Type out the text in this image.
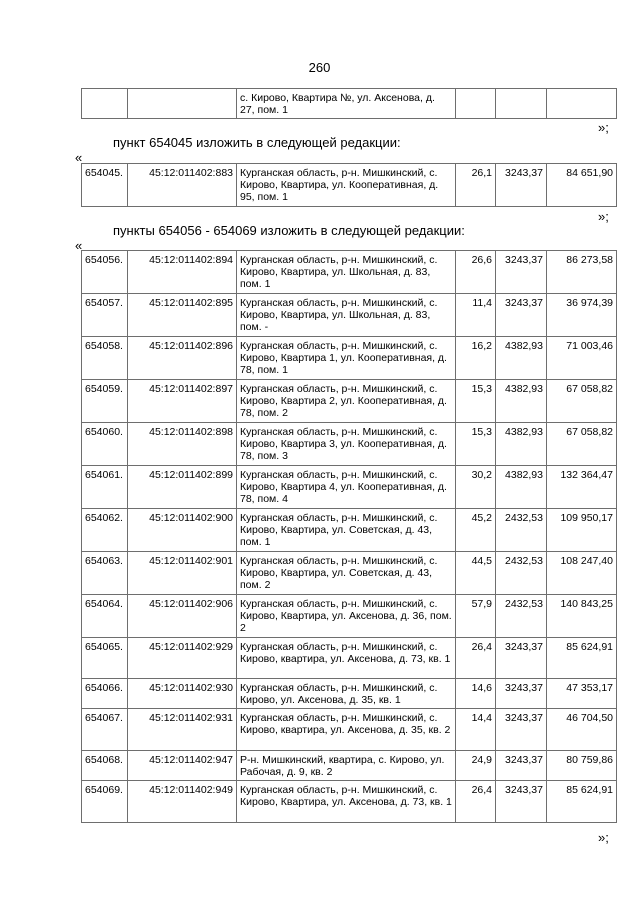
260
		с. Кирово, Квартира №, ул. Аксенова, д. 27, пом. 1			
»;
пункт 654045 изложить в следующей редакции:
«
654045.	45:12:011402:883	Курганская область, р-н. Мишкинский, с. Кирово, Квартира, ул. Кооперативная, д. 95, пом. 1	26,1	3243,37	84 651,90
»;
пункты 654056 - 654069 изложить в следующей редакции:
«
654056.	45:12:011402:894	Курганская область, р-н. Мишкинский, с. Кирово, Квартира, ул. Школьная, д. 83, пом. 1	26,6	3243,37	86 273,58
654057.	45:12:011402:895	Курганская область, р-н. Мишкинский, с. Кирово, Квартира, ул. Школьная, д. 83, пом. -	11,4	3243,37	36 974,39
654058.	45:12:011402:896	Курганская область, р-н. Мишкинский, с. Кирово, Квартира 1, ул. Кооперативная, д. 78, пом. 1	16,2	4382,93	71 003,46
654059.	45:12:011402:897	Курганская область, р-н. Мишкинский, с. Кирово, Квартира 2, ул. Кооперативная, д. 78, пом. 2	15,3	4382,93	67 058,82
654060.	45:12:011402:898	Курганская область, р-н. Мишкинский, с. Кирово, Квартира 3, ул. Кооперативная, д. 78, пом. 3	15,3	4382,93	67 058,82
654061.	45:12:011402:899	Курганская область, р-н. Мишкинский, с. Кирово, Квартира 4, ул. Кооперативная, д. 78, пом. 4	30,2	4382,93	132 364,47
654062.	45:12:011402:900	Курганская область, р-н. Мишкинский, с. Кирово, Квартира, ул. Советская, д. 43, пом. 1	45,2	2432,53	109 950,17
654063.	45:12:011402:901	Курганская область, р-н. Мишкинский, с. Кирово, Квартира, ул. Советская, д. 43, пом. 2	44,5	2432,53	108 247,40
654064.	45:12:011402:906	Курганская область, р-н. Мишкинский, с. Кирово, Квартира, ул. Аксенова, д. 36, пом. 2	57,9	2432,53	140 843,25
654065.	45:12:011402:929	Курганская область, р-н. Мишкинский, с. Кирово, квартира, ул. Аксенова, д. 73, кв. 1	26,4	3243,37	85 624,91
654066.	45:12:011402:930	Курганская область, р-н. Мишкинский, с. Кирово, ул. Аксенова, д. 35, кв. 1	14,6	3243,37	47 353,17
654067.	45:12:011402:931	Курганская область, р-н. Мишкинский, с. Кирово, квартира, ул. Аксенова, д. 35, кв. 2	14,4	3243,37	46 704,50
654068.	45:12:011402:947	Р-н. Мишкинский, квартира, с. Кирово, ул. Рабочая, д. 9, кв. 2	24,9	3243,37	80 759,86
654069.	45:12:011402:949	Курганская область, р-н. Мишкинский, с. Кирово, Квартира, ул. Аксенова, д. 73, кв. 1	26,4	3243,37	85 624,91
»;
